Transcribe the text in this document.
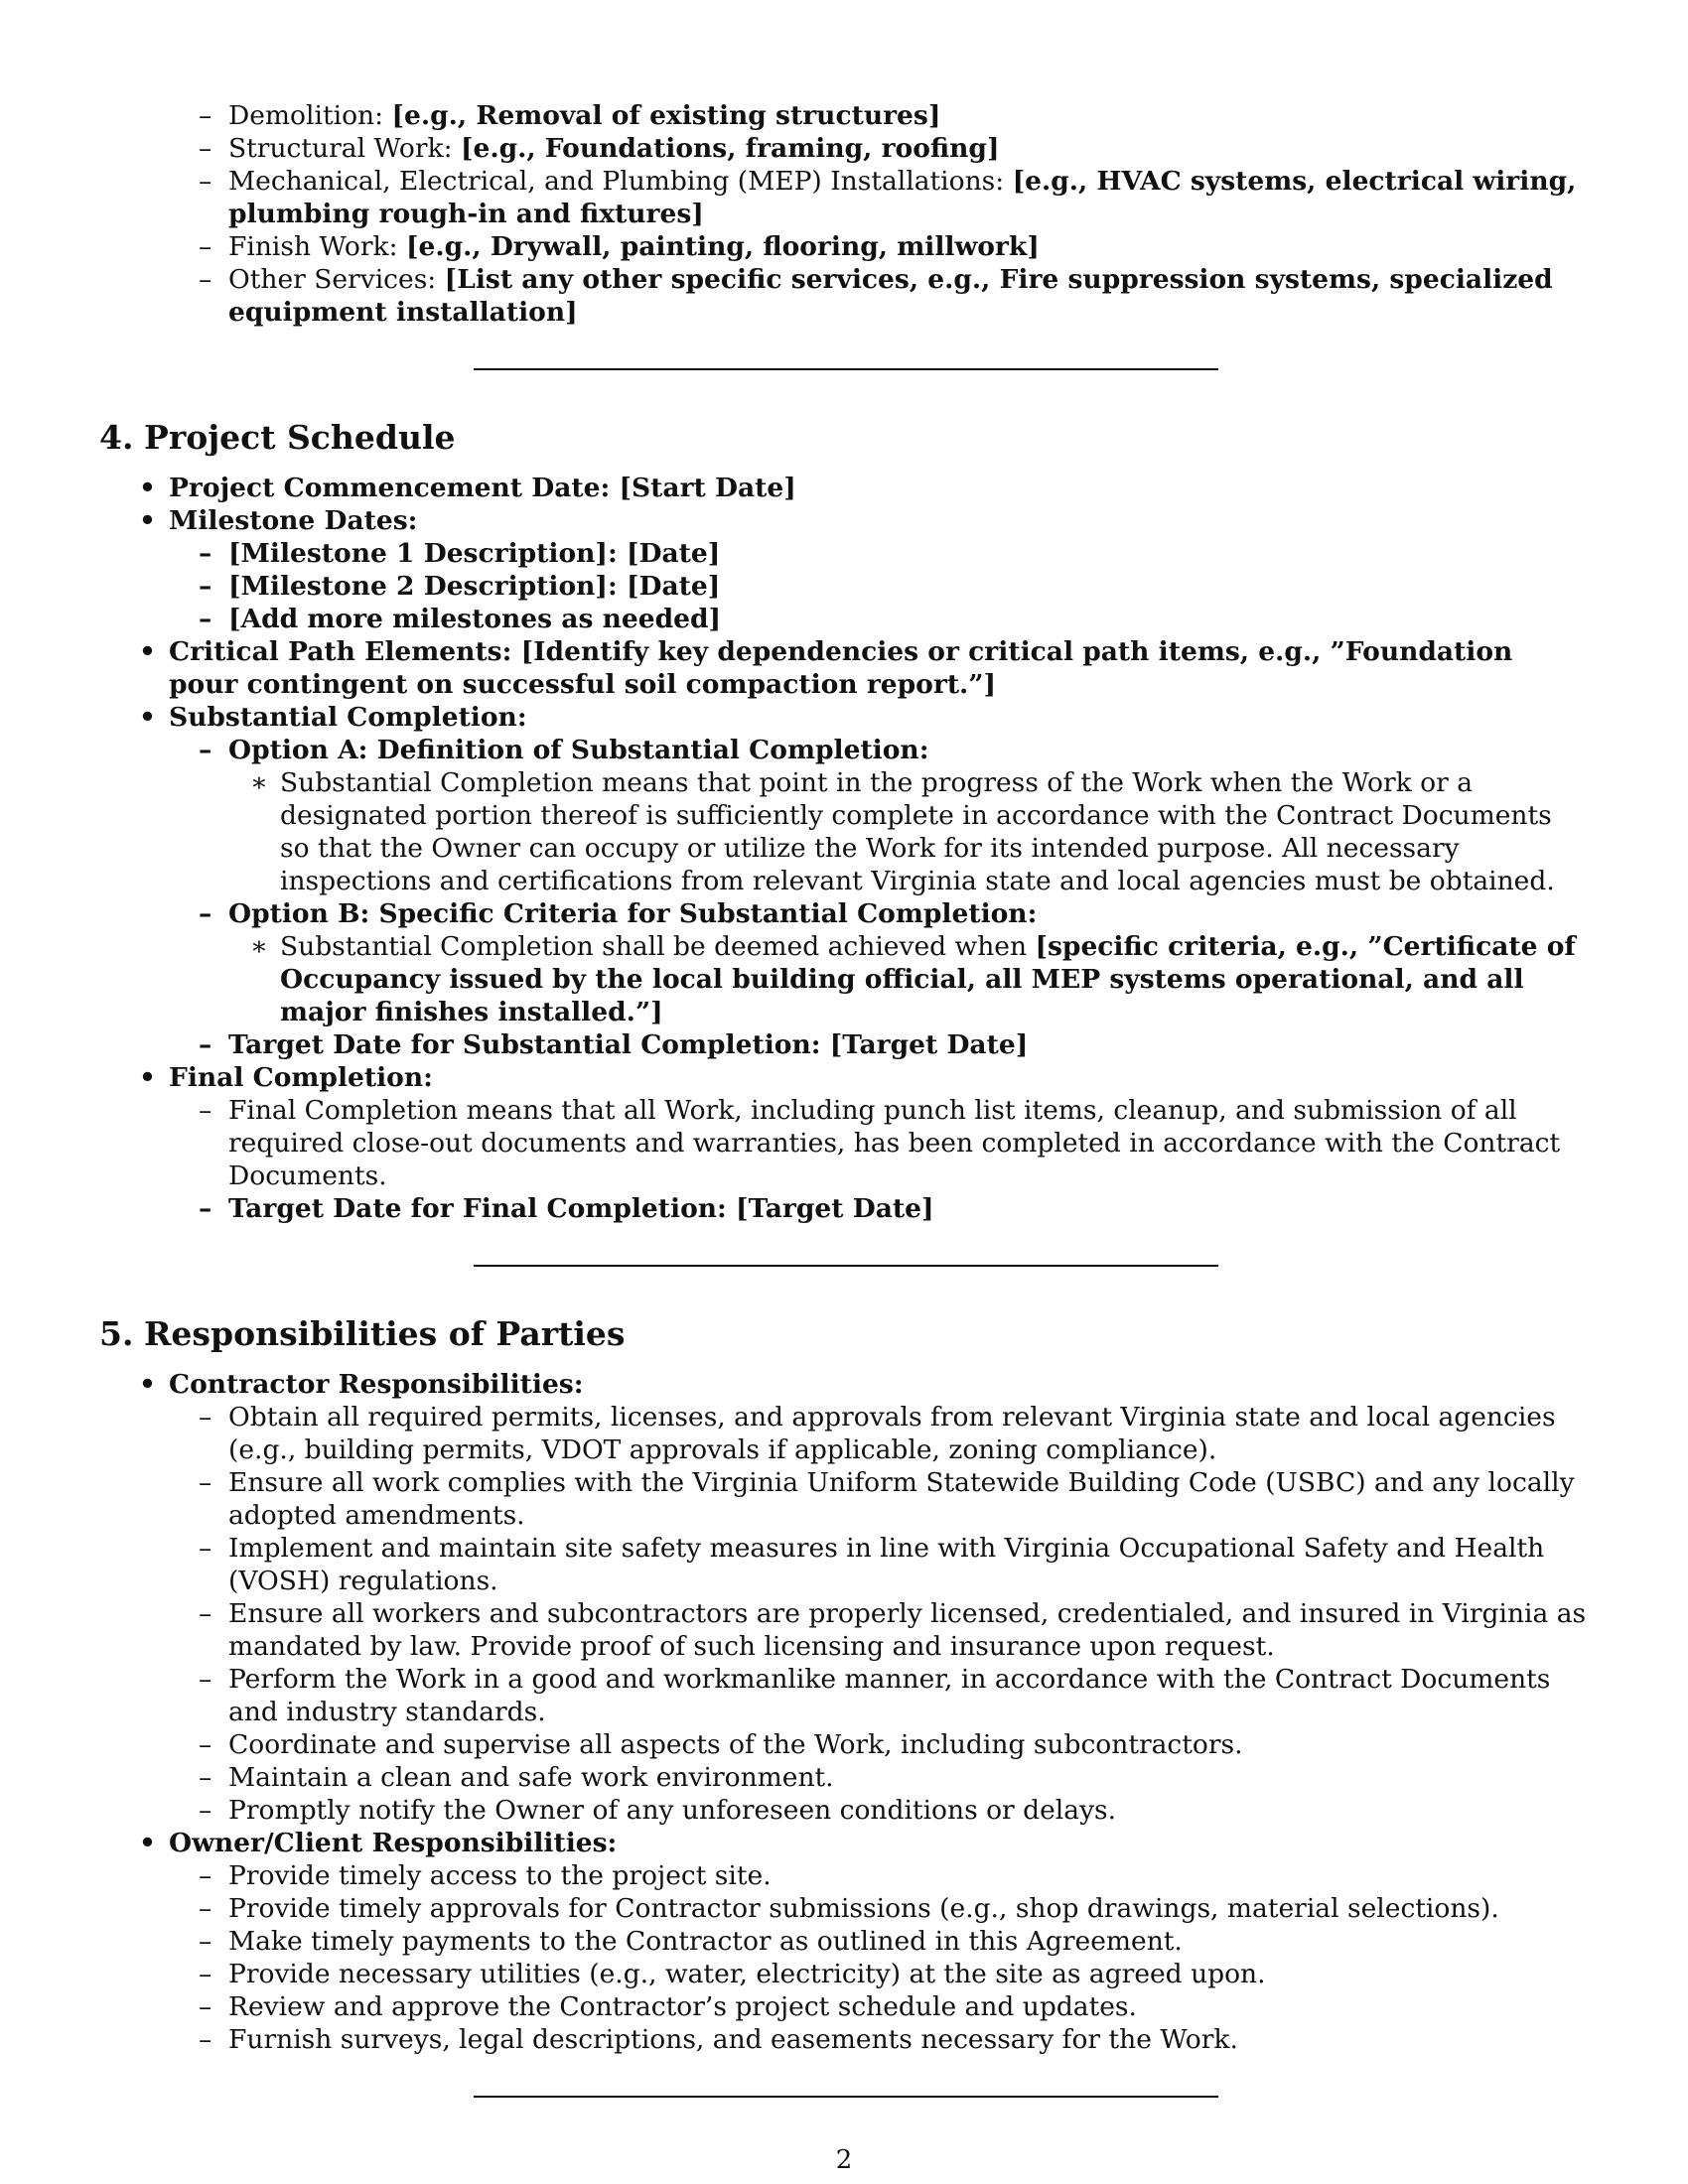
– Demolition: [e.g., Removal of existing structures]
– Structural Work: [e.g., Foundations, framing, roofing]
– Mechanical, Electrical, and Plumbing (MEP) Installations: [e.g., HVAC systems, electrical wiring, plumbing rough-in and fixtures]
– Finish Work: [e.g., Drywall, painting, flooring, millwork]
– Other Services: [List any other specific services, e.g., Fire suppression systems, specialized equipment installation]
4. Project Schedule
• Project Commencement Date: [Start Date]
• Milestone Dates:
– [Milestone 1 Description]: [Date]
– [Milestone 2 Description]: [Date]
– [Add more milestones as needed]
• Critical Path Elements: [Identify key dependencies or critical path items, e.g., ”Foundation pour contingent on successful soil compaction report.”]
• Substantial Completion:
– Option A: Definition of Substantial Completion:
∗ Substantial Completion means that point in the progress of the Work when the Work or a designated portion thereof is sufficiently complete in accordance with the Contract Documents so that the Owner can occupy or utilize the Work for its intended purpose. All necessary inspections and certifications from relevant Virginia state and local agencies must be obtained.
– Option B: Specific Criteria for Substantial Completion:
∗ Substantial Completion shall be deemed achieved when [specific criteria, e.g., ”Certificate of Occupancy issued by the local building official, all MEP systems operational, and all major finishes installed.”]
– Target Date for Substantial Completion: [Target Date]
• Final Completion:
– Final Completion means that all Work, including punch list items, cleanup, and submission of all required close-out documents and warranties, has been completed in accordance with the Contract Documents.
– Target Date for Final Completion: [Target Date]
5. Responsibilities of Parties
• Contractor Responsibilities:
– Obtain all required permits, licenses, and approvals from relevant Virginia state and local agencies (e.g., building permits, VDOT approvals if applicable, zoning compliance).
– Ensure all work complies with the Virginia Uniform Statewide Building Code (USBC) and any locally adopted amendments.
– Implement and maintain site safety measures in line with Virginia Occupational Safety and Health (VOSH) regulations.
– Ensure all workers and subcontractors are properly licensed, credentialed, and insured in Virginia as mandated by law. Provide proof of such licensing and insurance upon request.
– Perform the Work in a good and workmanlike manner, in accordance with the Contract Documents and industry standards.
– Coordinate and supervise all aspects of the Work, including subcontractors.
– Maintain a clean and safe work environment.
– Promptly notify the Owner of any unforeseen conditions or delays.
• Owner/Client Responsibilities:
– Provide timely access to the project site.
– Provide timely approvals for Contractor submissions (e.g., shop drawings, material selections).
– Make timely payments to the Contractor as outlined in this Agreement.
– Provide necessary utilities (e.g., water, electricity) at the site as agreed upon.
– Review and approve the Contractor’s project schedule and updates.
– Furnish surveys, legal descriptions, and easements necessary for the Work.
2
